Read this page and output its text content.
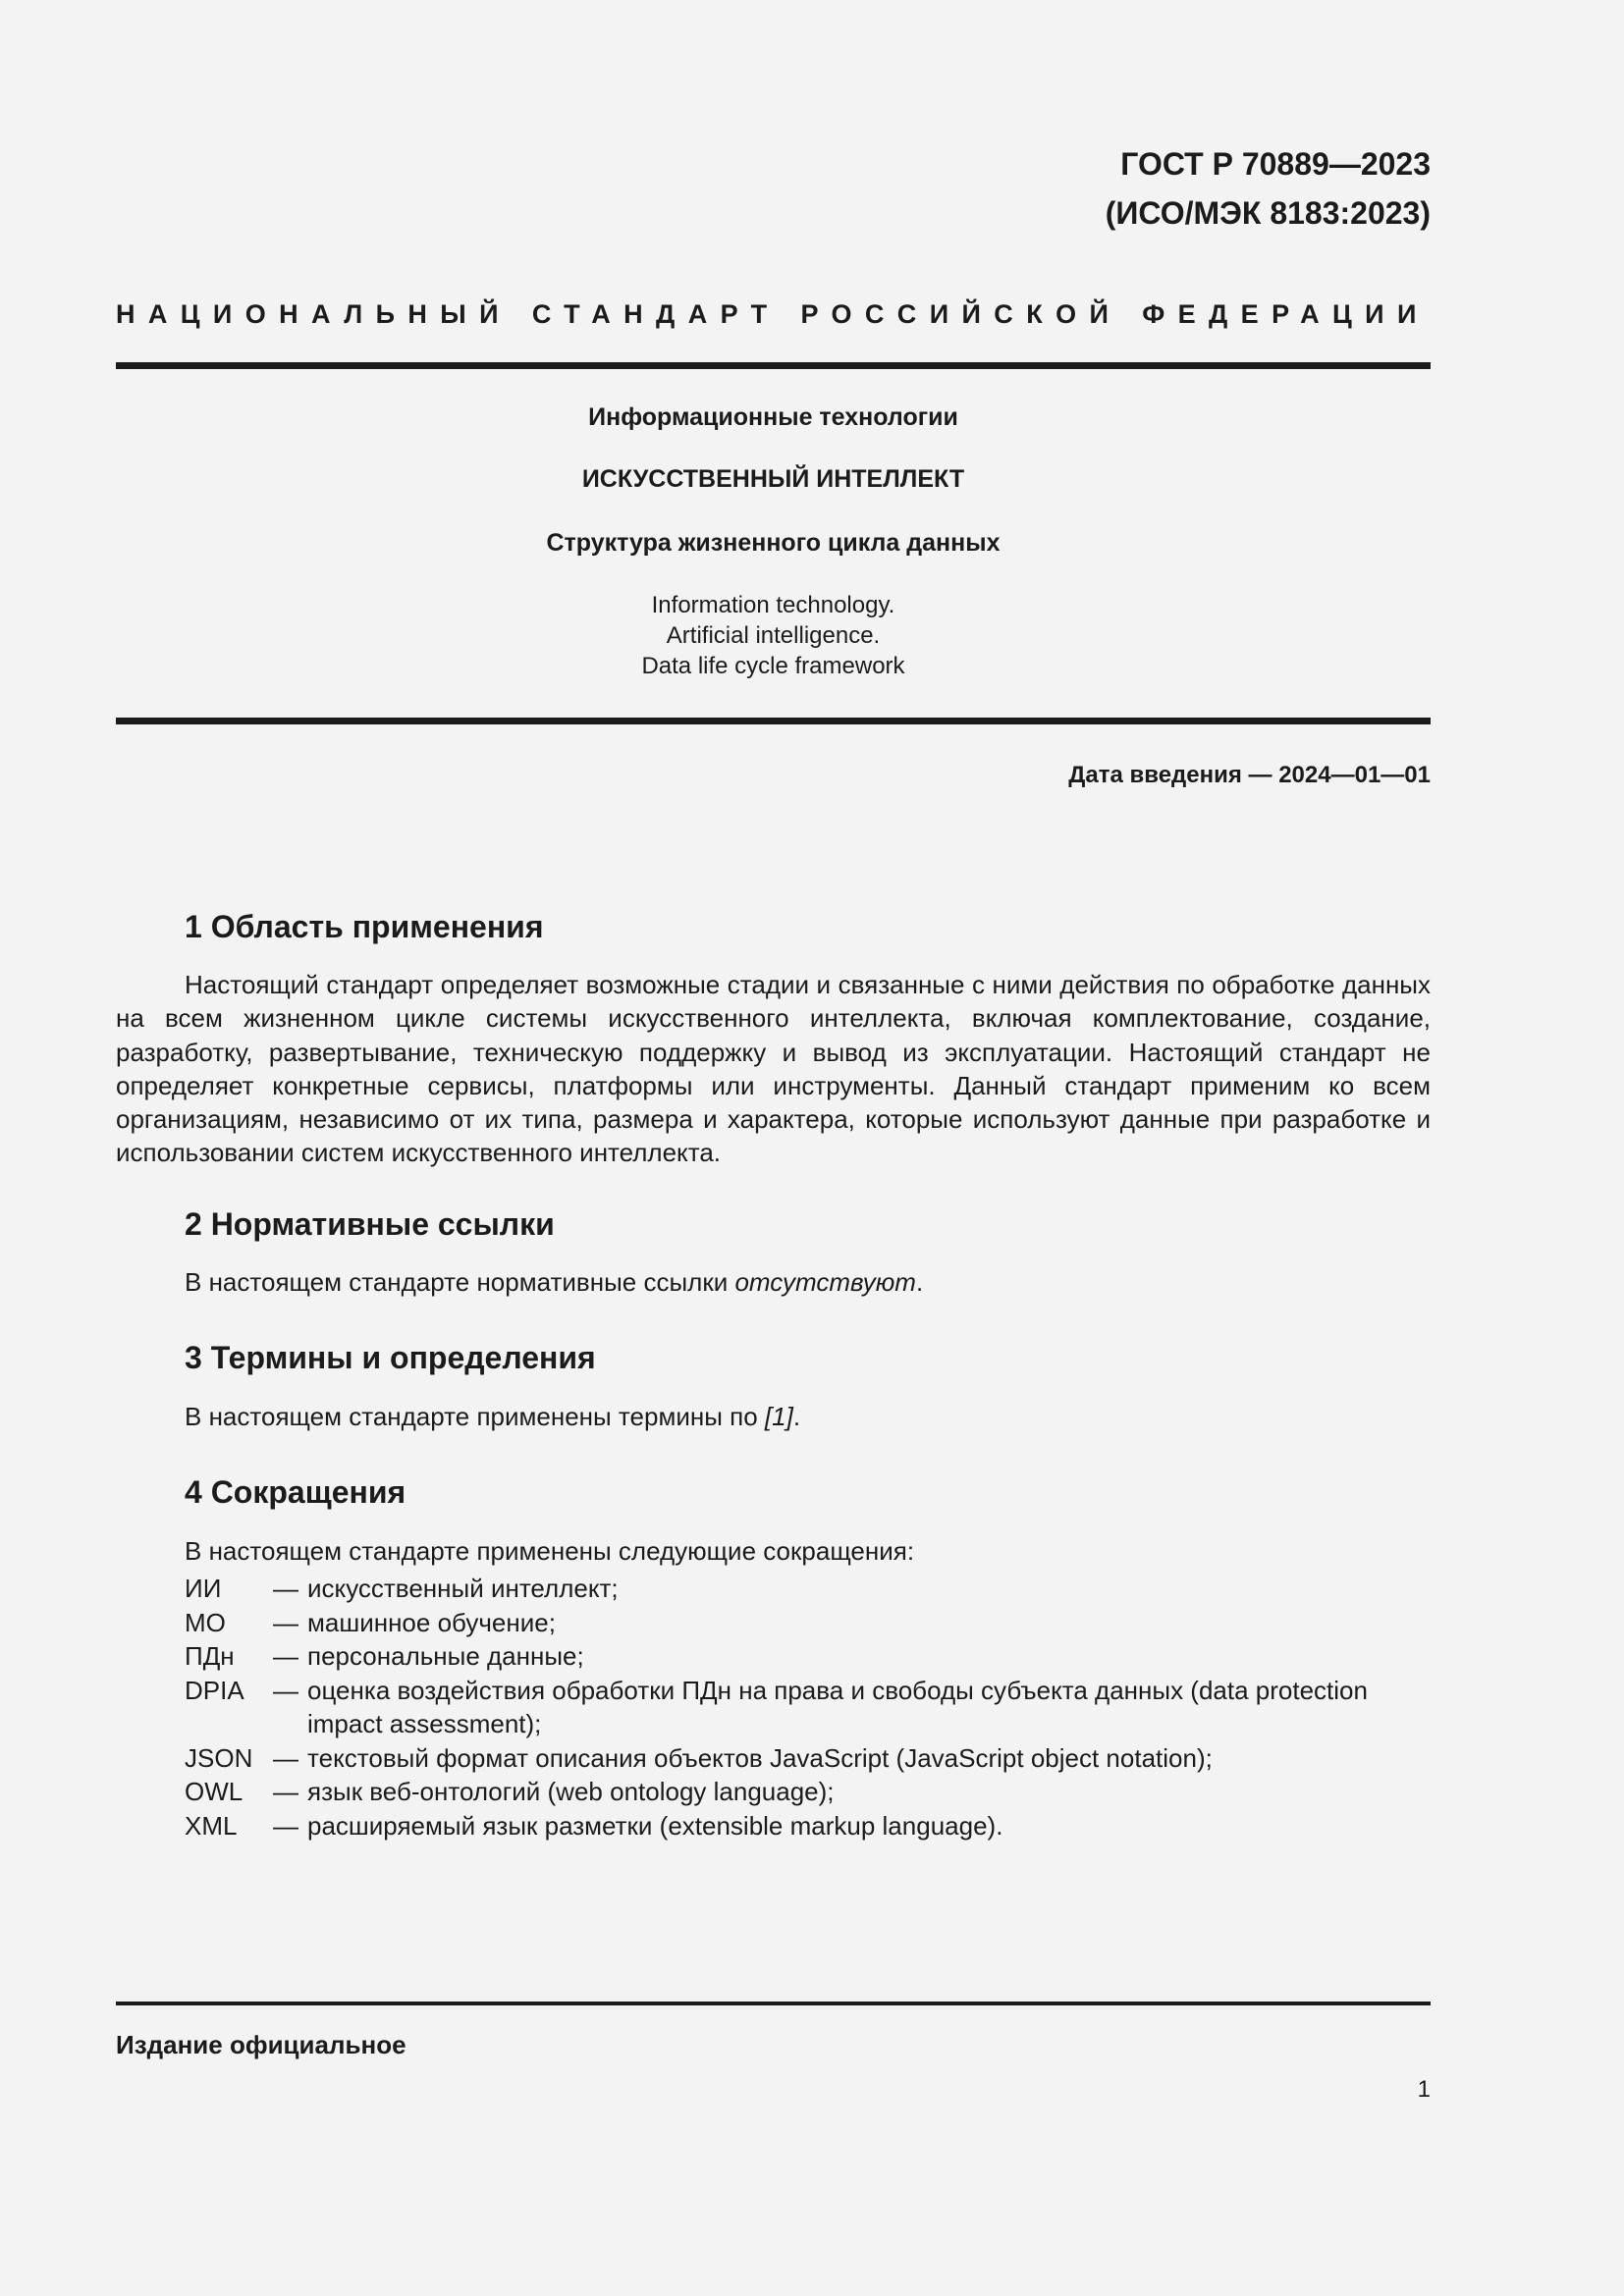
ГОСТ Р 70889—2023
(ИСО/МЭК 8183:2023)
НАЦИОНАЛЬНЫЙ СТАНДАРТ РОССИЙСКОЙ ФЕДЕРАЦИИ
Информационные технологии
ИСКУССТВЕННЫЙ ИНТЕЛЛЕКТ
Структура жизненного цикла данных
Information technology.
Artificial intelligence.
Data life cycle framework
Дата введения — 2024—01—01
1 Область применения
Настоящий стандарт определяет возможные стадии и связанные с ними действия по обработке данных на всем жизненном цикле системы искусственного интеллекта, включая комплектование, создание, разработку, развертывание, техническую поддержку и вывод из эксплуатации. Настоящий стандарт не определяет конкретные сервисы, платформы или инструменты. Данный стандарт применим ко всем организациям, независимо от их типа, размера и характера, которые используют данные при разработке и использовании систем искусственного интеллекта.
2 Нормативные ссылки
В настоящем стандарте нормативные ссылки отсутствуют.
3 Термины и определения
В настоящем стандарте применены термины по [1].
4 Сокращения
В настоящем стандарте применены следующие сокращения:
ИИ	— искусственный интеллект;
МО	— машинное обучение;
ПДн	— персональные данные;
DPIA	— оценка воздействия обработки ПДн на права и свободы субъекта данных (data protection impact assessment);
JSON — текстовый формат описания объектов JavaScript (JavaScript object notation);
OWL	— язык веб-онтологий (web ontology language);
XML	— расширяемый язык разметки (extensible markup language).
Издание официальное
1
